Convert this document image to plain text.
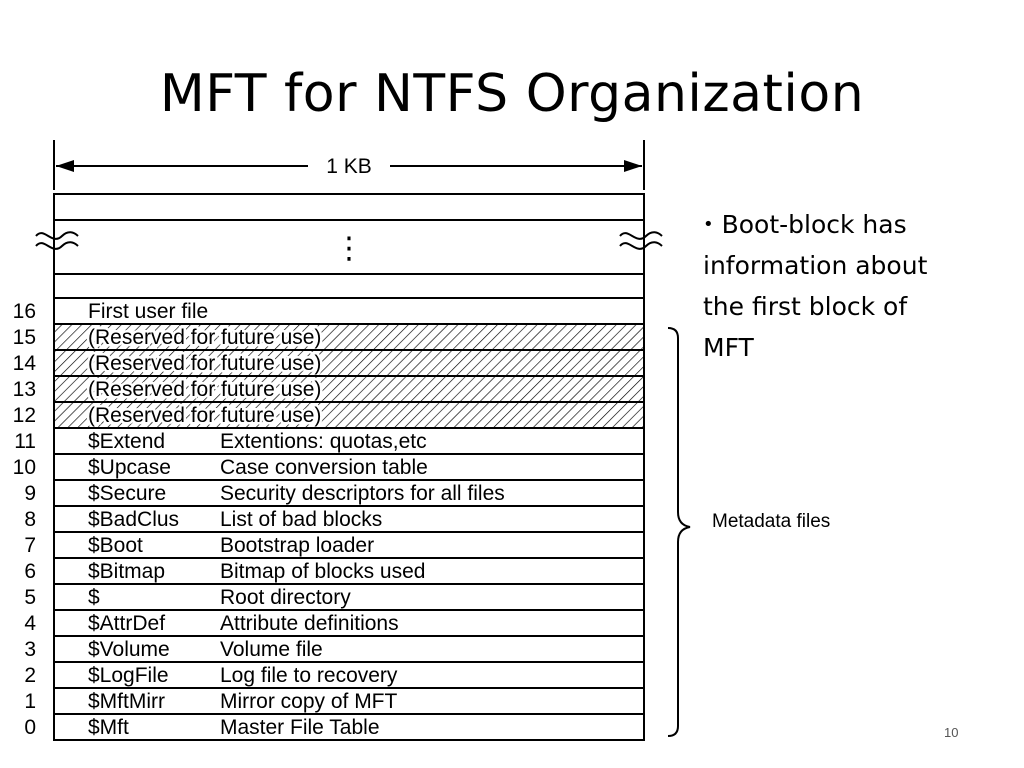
MFT for NTFS Organization
1 KB
⋮
16 First user file
15 (Reserved for future use)
14 (Reserved for future use)
13 (Reserved for future use)
12 (Reserved for future use)
11 $Extend	Extentions: quotas,etc
10 $Upcase Case conversion table
9 $Secure	Security descriptors for all files
8 $BadClus List of bad blocks
7 $Boot	Bootstrap loader
6 $Bitmap	Bitmap of blocks used
5 $	Root directory
4 $AttrDef	Attribute definitions
3 $Volume Volume file
2 $LogFile Log file to recovery
1 $MftMirr	Mirror copy of MFT
0 $Mft	Master File Table
Metadata files
• Boot-block has information about the first block of MFT
10
